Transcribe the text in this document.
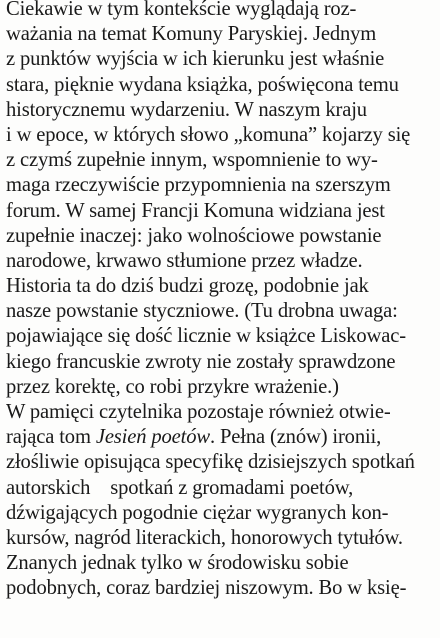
Ciekawie w tym kontekście wyglądają roz-
ważania na temat Komuny Paryskiej. Jednym
z punktów wyjścia w ich kierunku jest właśnie
stara, pięknie wydana książka, poświęcona temu
historycznemu wydarzeniu. W naszym kraju
i w epoce, w których słowo „komuna” kojarzy się
z czymś zupełnie innym, wspomnienie to wy-
maga rzeczywiście przypomnienia na szerszym
forum. W samej Francji Komuna widziana jest
zupełnie inaczej: jako wolnościowe powstanie
narodowe, krwawo stłumione przez władze.
Historia ta do dziś budzi grozę, podobnie jak
nasze powstanie styczniowe. (Tu drobna uwaga:
pojawiające się dość licznie w książce Liskowac-
kiego francuskie zwroty nie zostały sprawdzone
przez korektę, co robi przykre wrażenie.)
W pamięci czytelnika pozostaje również otwie-
rająca tom Jesień poetów. Pełna (znów) ironii,
złośliwie opisująca specyfikę dzisiejszych spotkań
autorskich    spotkań z gromadami poetów,
dźwigających pogodnie ciężar wygranych kon-
kursów, nagród literackich, honorowych tytułów.
Znanych jednak tylko w środowisku sobie
podobnych, coraz bardziej niszowym. Bo w księ-
